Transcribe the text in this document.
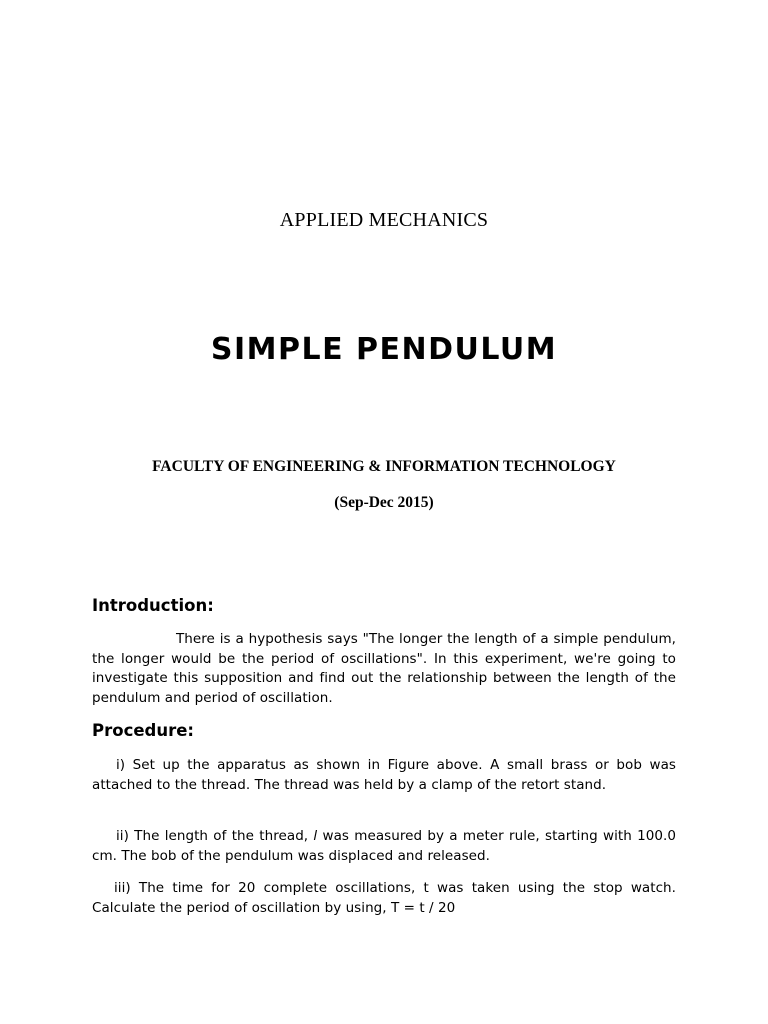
APPLIED MECHANICS
SIMPLE PENDULUM
FACULTY OF ENGINEERING & INFORMATION TECHNOLOGY
(Sep-Dec 2015)
Introduction:
There is a hypothesis says "The longer the length of a simple pendulum, the longer would be the period of oscillations". In this experiment, we're going to investigate this supposition and find out the relationship between the length of the pendulum and period of oscillation.
Procedure:
i) Set up the apparatus as shown in Figure above. A small brass or bob was attached to the thread. The thread was held by a clamp of the retort stand.
ii) The length of the thread, l was measured by a meter rule, starting with 100.0 cm. The bob of the pendulum was displaced and released.
iii) The time for 20 complete oscillations, t was taken using the stop watch. Calculate the period of oscillation by using, T = t / 20
